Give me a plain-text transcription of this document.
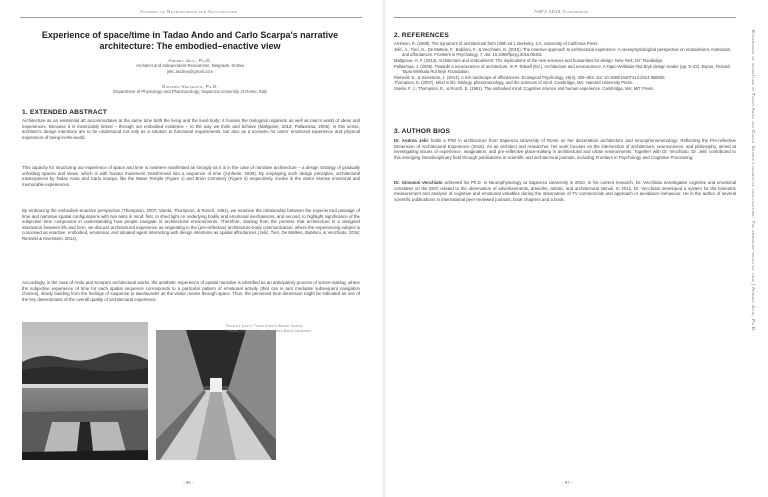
Academy of Neuroscience for Architecture
Experience of space/time in Tadao Ando and Carlo Scarpa's narrative architecture: The embodied–enactive view
Andrea Jelić, Ph.D.
Architect and Independent Researcher, Belgrade, Serbia
jelic.andrea@gmail.com
Giovanni Vecchiato, Ph.D.
Department of Physiology and Pharmacology, Sapienza University of Rome, Italy
1. EXTENDED ABSTRACT
Architecture as an existential art accommodates at the same time both the living and the lived body: it houses the biological organism as well as man's world of ideas and experiences. Because it is inextricably linked – through our embodied existence – to the way we think and behave (Mallgrave, 2013; Pallasmaa, 2005). In this sense, architect's design intentions are to be understood not only as a solution to functional requirements, but also as a scenario for users' emotional experience and physical expression of being-in-the-world.
This capacity for structuring our experience of space and time is nowhere manifested as strongly as it is in the case of narrative architecture – a design strategy of gradually unfolding spaces and views, which is with human movement transformed into a sequence of time (Arnheim, 2009). By employing such design principles, architectural masterpieces by Tadao Ando and Carlo Scarpa, like the Water Temple (Figure 1) and Brion Cemetery (Figure 2) respectively, invoke in the visitor intense emotional and memorable experiences.
By embracing the embodied–enactive perspective (Thompson, 2007; Varela, Thompson, & Rosch, 1991), we examine the relationship between the experienced passage of time and narrative spatial configurations with two aims in mind: first, to shed light on underlying bodily and emotional mechanisms, and second, to highlight significance of the subjective time component in understanding how people navigate in architectural environments. Therefore, starting from the premise that architecture is a designed interaction between life and form, we discuss architectural experience as originating in the (pre-reflective) architecture-body communication, where the experiencing subject is conceived as enactive, embodied, emotional, and situated agent interacting with design intentions as spatial affordances (Jelić, Tieri, De Matteis, Babiloni, & Vecchiato, 2016; Rietveld & Kiverstein, 2014).
Accordingly, in the case of Ando and Scarpa's architectural works, the aesthetic experience of spatial narrative is identified as an anticipatory process of sense-making, where the subjective experience of time for each spatial sequence corresponds to a particular pattern of emotional activity (that can in turn modulate subsequent navigation choices), slowly building from the feelings of suspense to awe/wonder as the visitor moves through space. Thus, the perceived time dimension might be indicated as one of the key determinants of the overall quality of architectural experience.
Figure 1 (Left): Tadao Ando's Water Temple
Figure 2 (Right): Carlo Scarpa's Brion Cemetery
- 96 -
ANFA 2016 Conference
2. REFERENCES
Arnheim, R. (2009). The dynamics of architectural form (30th ed.). Berkeley, CA: University of California Press.
Jelić, A., Tieri, G., De Matteis, F., Babiloni, F., & Vecchiato, G. (2016). The enactive approach to architectural experience: A neurophysiological perspective on embodiment, motivation, and affordances. Frontiers in Psychology, 7, doi: 10.3389/fpsyg.2016.00481
Mallgrave, H. F. (2013). Architecture and embodiment: The implications of the new sciences and humanities for design. New York, NY: Routledge.
Pallasmaa, J. (2005). Towards a neuroscience of architecture. In P. Tidwell (Ed.), Architecture and neuroscience: A Tapio Wirkkala–Rut Bryk design reader (pp. 5–22). Espoo, Finland: Tapio Wirkkala Rut Bryk Foundation.
Rietveld, E., & Kiverstein, J. (2014). A rich landscape of affordances. Ecological Psychology, 26(4), 325–352. doi: 10.1080/10407413.2014.958035
Thompson, E. (2007). Mind in life: Biology, phenomenology, and the sciences of mind. Cambridge, MA: Harvard University Press.
Varela, F. J., Thompson, E., & Rosch, E. (1991). The embodied mind: Cognitive science and human experience. Cambridge, MA: MIT Press.
3. AUTHOR BIOS
Dr. Andrea Jelić holds a PhD in architecture from Sapienza University of Rome on her dissertation architecture and neurophenomenology: Reflecting the Pre-reflective Dimension of Architectural Experience (2015). As an architect and researcher, her work focuses on the intersection of architecture, neuroscience, and philosophy, aimed at investigating issues of experience, imagination, and pre-reflective place-making in architectural and urban environments. Together with Dr. Vecchiato, Dr. Jelić contributed to this emerging interdisciplinary field through publications in scientific and architectural journals, including Frontiers in Psychology and Cognitive Processing.
Dr. Giovanni Vecchiato achieved his Ph.D. in Neurophysiology at Sapienza University in 2010. In his current research, Dr. Vecchiato investigates cognitive and emotional correlates on the EEG related to the observation of advertisements, artworks, artistic, and architectural stimuli. In 2012, Dr. Vecchiato developed a system for the biometric measurement and analysis of cognitive and emotional variables during the observation of TV commercials and approach or avoidance behaviour. He is the author of several scientific publications in international peer-reviewed journals, book chapters and a book.
- 97 -
Experience of space/time in Tadao Ando and Carlo Scarpa's narrative architecture: The embodied–enactive view | Andrea Jelić, Ph.D.
